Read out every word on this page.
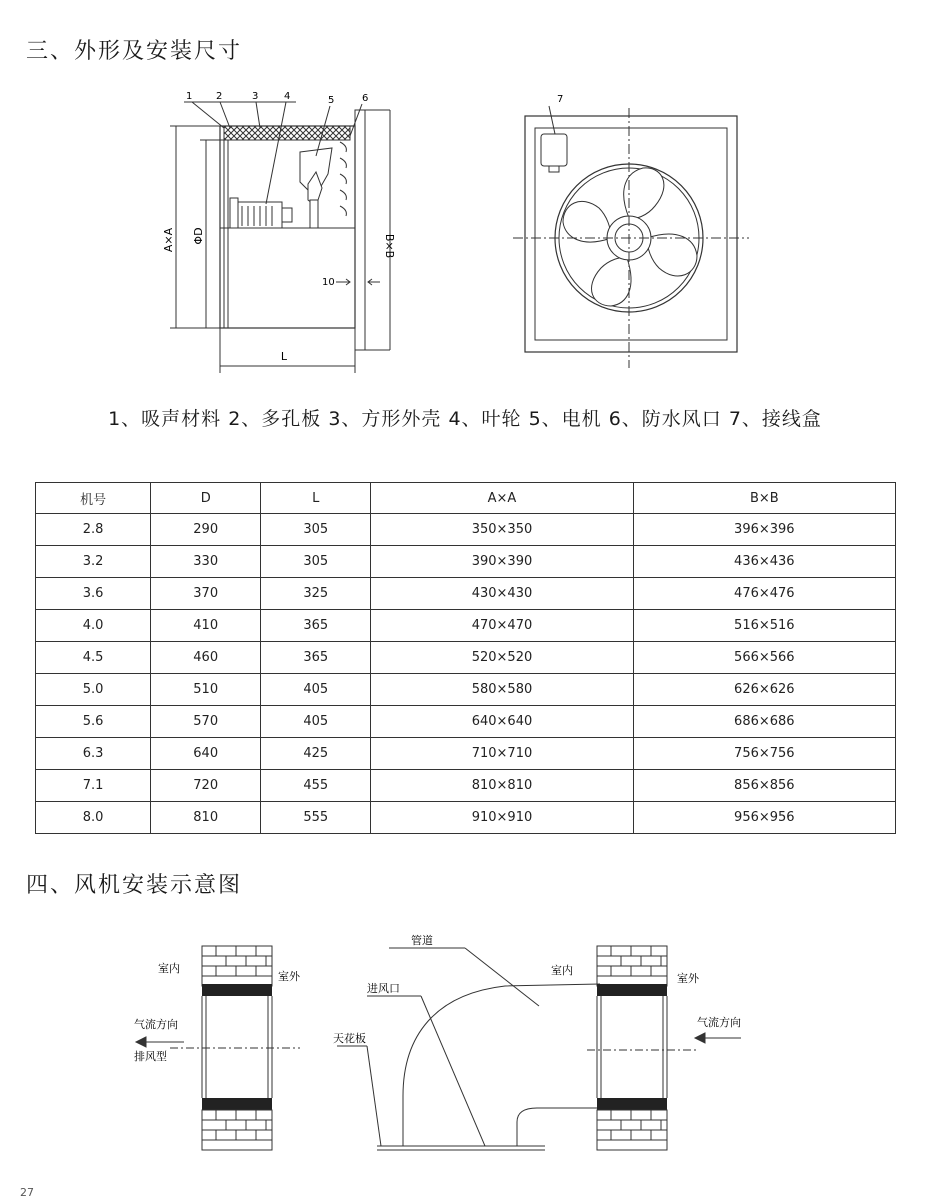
三、外形及安装尺寸
A×A ΦD	B×B
10
L
1 2	3	4	5	6	7
1、吸声材料 2、多孔板 3、方形外壳 4、叶轮 5、电机 6、防水风口 7、接线盒
机号	D	L	A×A	B×B
2.8	290	305	350×350	396×396
3.2	330	305	390×390	436×436
3.6	370	325	430×430	476×476
4.0	410	365	470×470	516×516
4.5	460	365	520×520	566×566
5.0	510	405	580×580	626×626
5.6	570	405	640×640	686×686
6.3	640	425	710×710	756×756
7.1	720	455	810×810	856×856
8.0	810	555	910×910	956×956
四、风机安装示意图
室内
室外
气流方向
排风型
管道
进风口
天花板
室内
室外
气流方向
27
